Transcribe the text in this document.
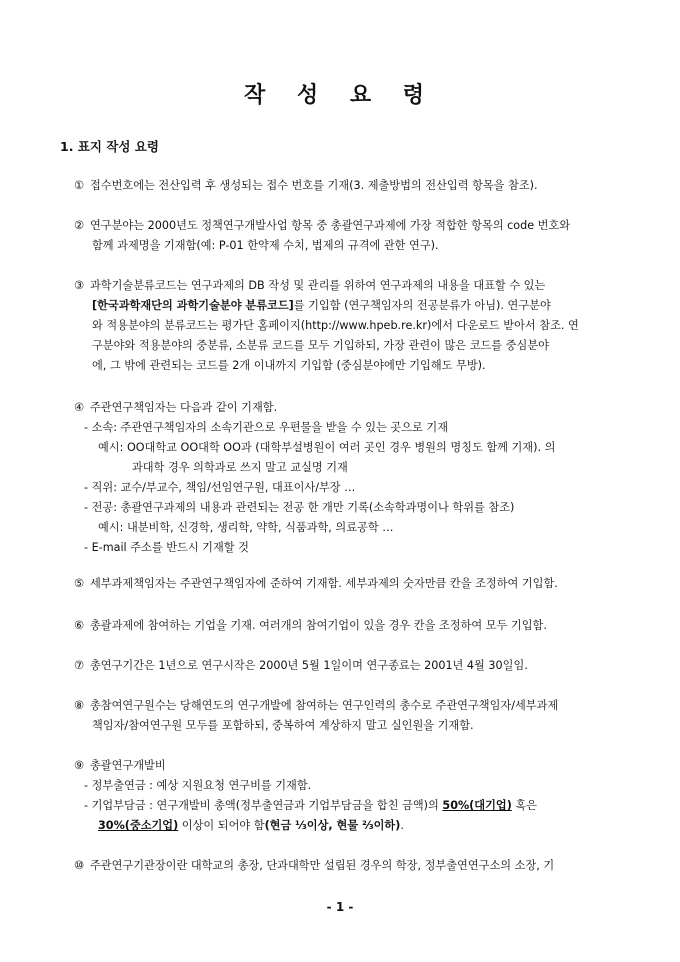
작 성 요 령
1. 표지 작성 요령
① 접수번호에는 전산입력 후 생성되는 접수 번호를 기재(3. 제출방법의 전산입력 항목을 참조).
② 연구분야는 2000년도 정책연구개발사업 항목 중 총괄연구과제에 가장 적합한 항목의 code 번호와
함께 과제명을 기재함(예: P-01 한약제 수치, 법제의 규격에 관한 연구).
③ 과학기술분류코드는 연구과제의 DB 작성 및 관리를 위하여 연구과제의 내용을 대표할 수 있는
[한국과학재단의 과학기술분야 분류코드]를 기입함 (연구책임자의 전공분류가 아님). 연구분야
와 적용분야의 분류코드는 평가단 홈페이지(http://www.hpeb.re.kr)에서 다운로드 받아서 참조. 연
구분야와 적용분야의 중분류, 소분류 코드를 모두 기입하되, 가장 관련이 많은 코드를 중심분야
에, 그 밖에 관련되는 코드를 2개 이내까지 기입함 (중심분야에만 기입해도 무방).
④ 주관연구책임자는 다음과 같이 기재함.
- 소속: 주관연구책임자의 소속기관으로 우편물을 받을 수 있는 곳으로 기재
예시: OO대학교 OO대학 OO과 (대학부설병원이 여러 곳인 경우 병원의 명칭도 함께 기재). 의
과대학 경우 의학과로 쓰지 말고 교실명 기재
- 직위: 교수/부교수, 책임/선임연구원, 대표이사/부장 …
- 전공: 총괄연구과제의 내용과 관련되는 전공 한 개만 기록(소속학과명이나 학위를 참조)
예시: 내분비학, 신경학, 생리학, 약학, 식품과학, 의료공학 …
- E-mail 주소를 반드시 기재할 것
⑤ 세부과제책임자는 주관연구책임자에 준하여 기재함. 세부과제의 숫자만큼 칸을 조정하여 기입함.
⑥ 총괄과제에 참여하는 기업을 기재. 여러개의 참여기업이 있을 경우 칸을 조정하여 모두 기입함.
⑦ 총연구기간은 1년으로 연구시작은 2000년 5월 1일이며 연구종료는 2001년 4월 30일임.
⑧ 총참여연구원수는 당해연도의 연구개발에 참여하는 연구인력의 총수로 주관연구책임자/세부과제
책임자/참여연구원 모두를 포함하되, 중복하여 계상하지 말고 실인원을 기재함.
⑨ 총괄연구개발비
- 정부출연금 : 예상 지원요청 연구비를 기재함.
- 기업부담금 : 연구개발비 총액(정부출연금과 기업부담금을 합친 금액)의 50%(대기업) 혹은
30%(중소기업) 이상이 되어야 함(현금 ⅓이상, 현물 ⅔이하).
⑩ 주관연구기관장이란 대학교의 총장, 단과대학만 설립된 경우의 학장, 정부출연연구소의 소장, 기
- 1 -
